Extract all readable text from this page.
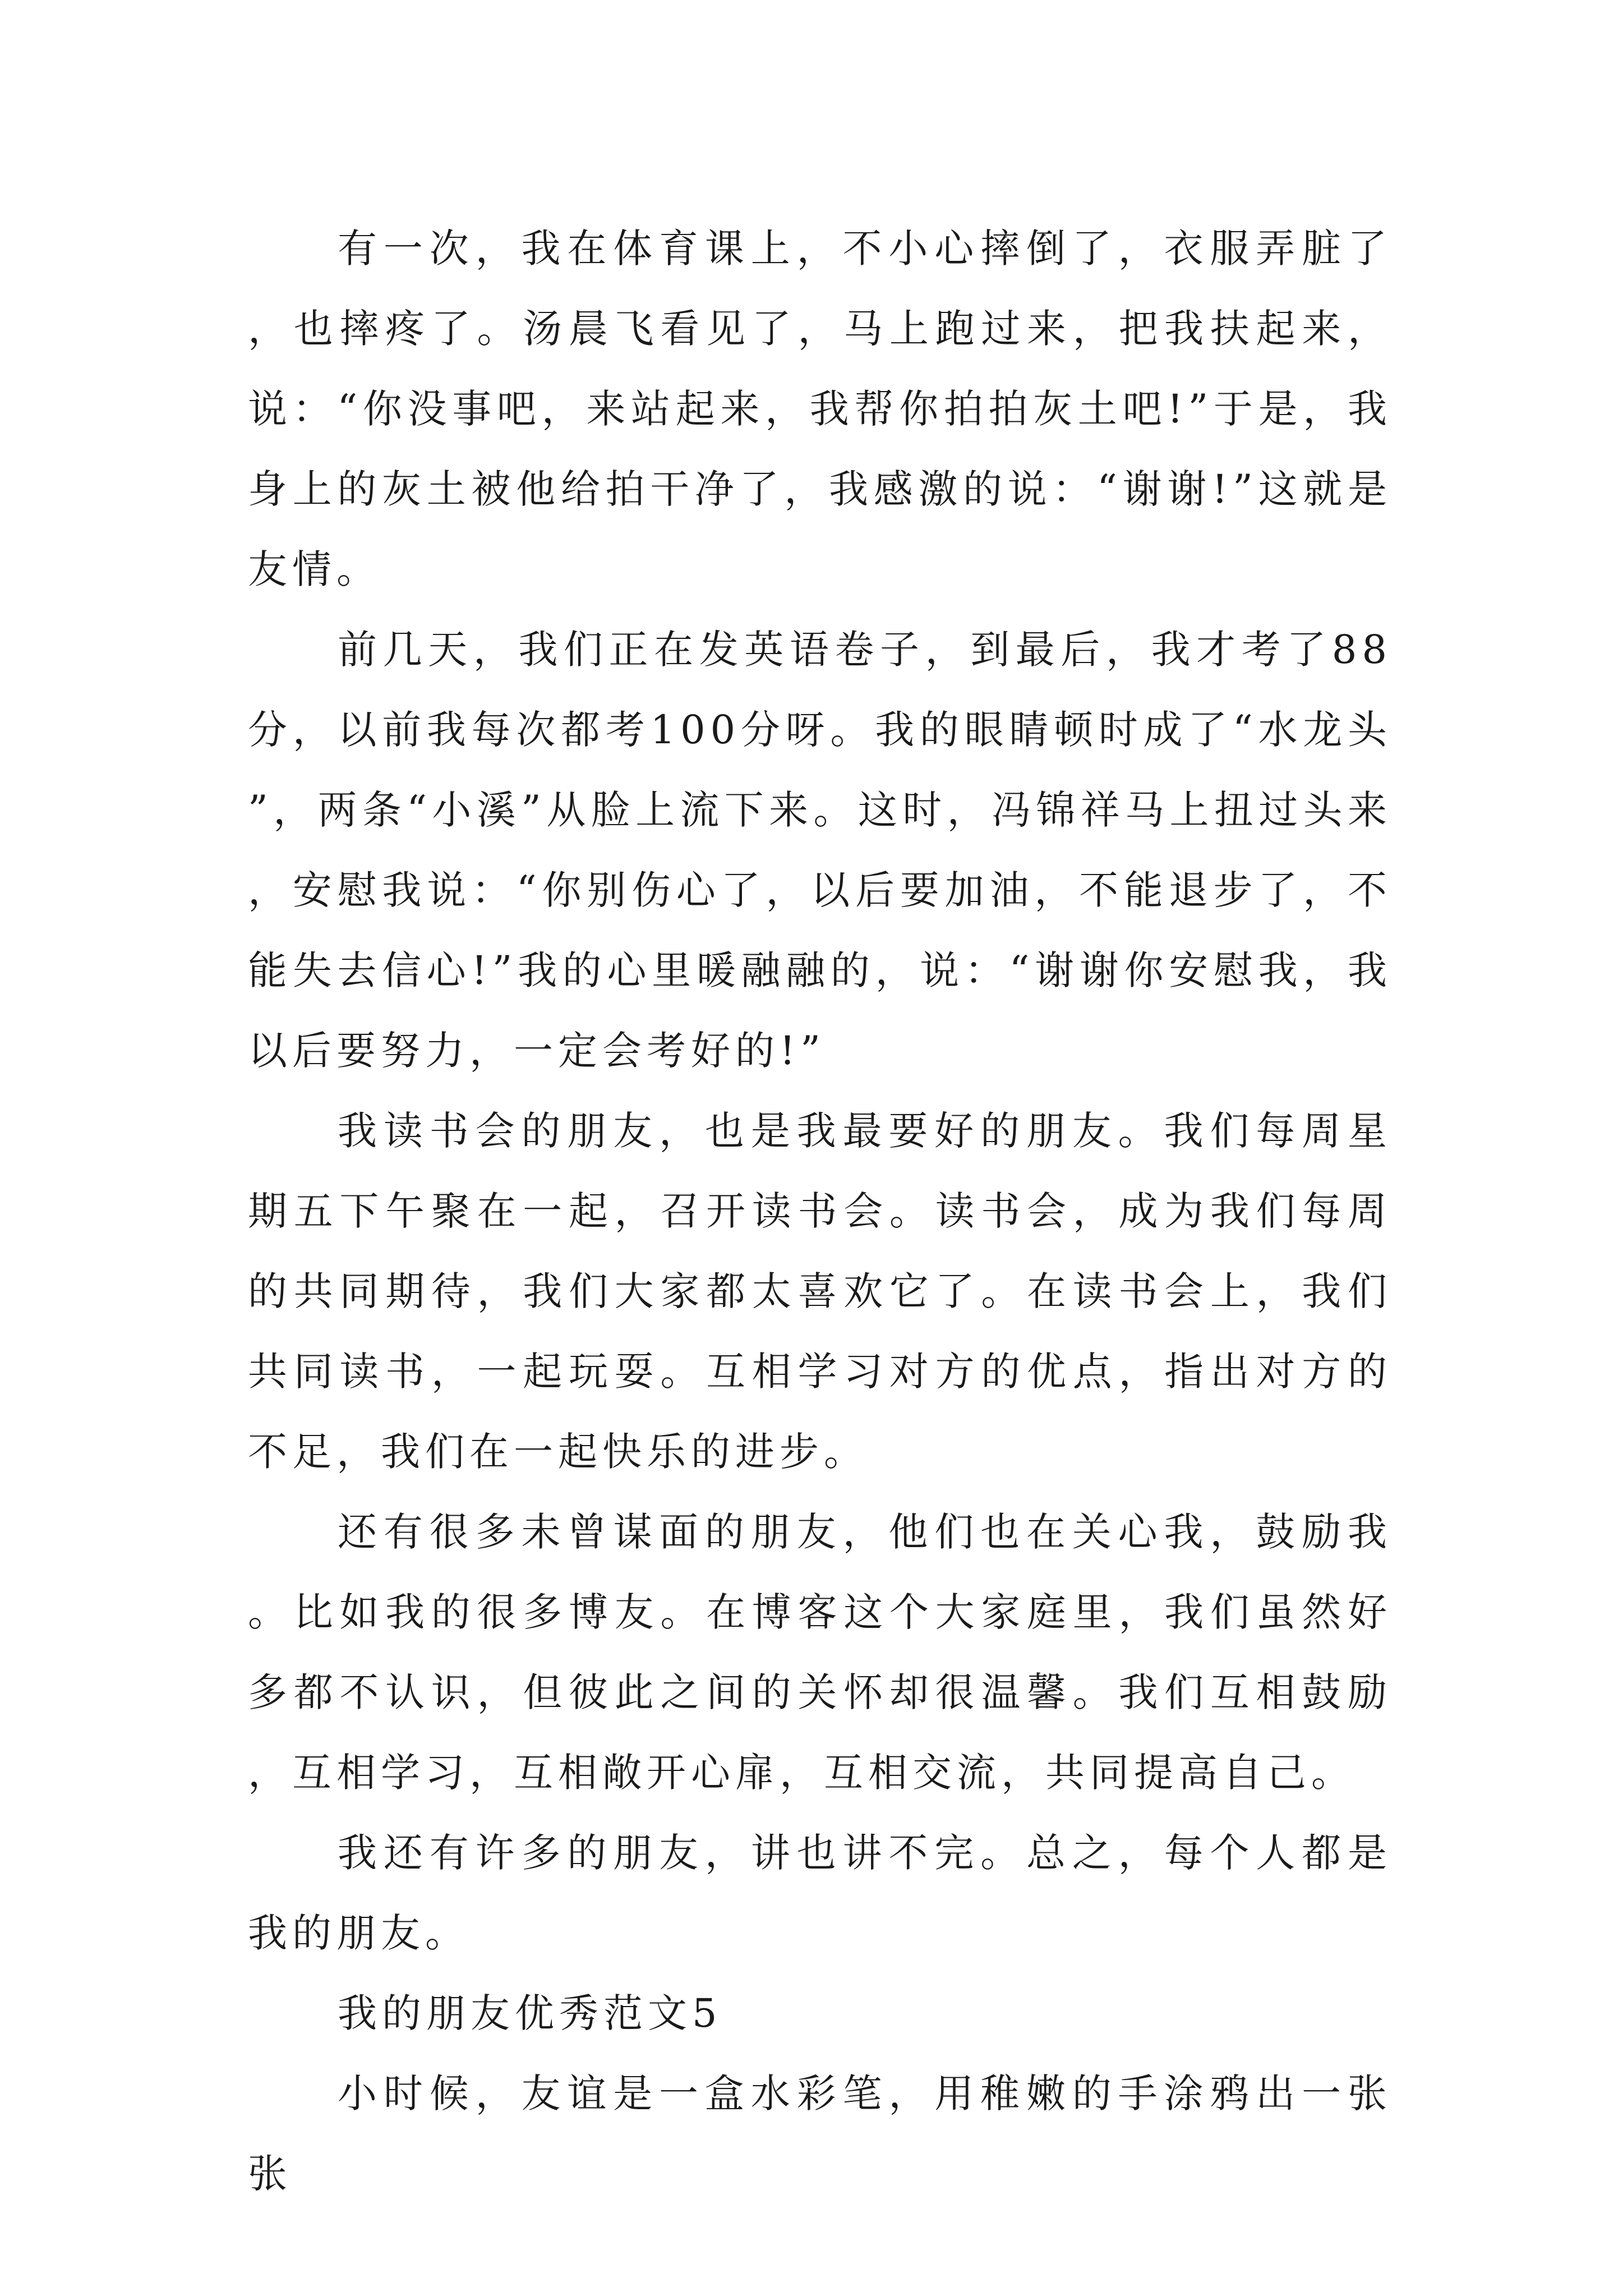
有一次，我在体育课上，不小心摔倒了，衣服弄脏了，也摔疼了。汤晨飞看见了，马上跑过来，把我扶起来，说：“你没事吧，来站起来，我帮你拍拍灰土吧!”于是，我身上的灰土被他给拍干净了，我感激的说：“谢谢!”这就是友情。

前几天，我们正在发英语卷子，到最后，我才考了88分，以前我每次都考100分呀。我的眼睛顿时成了“水龙头”，两条“小溪”从脸上流下来。这时，冯锦祥马上扭过头来，安慰我说：“你别伤心了，以后要加油，不能退步了，不能失去信心!”我的心里暖融融的，说：“谢谢你安慰我，我以后要努力，一定会考好的!”

我读书会的朋友，也是我最要好的朋友。我们每周星期五下午聚在一起，召开读书会。读书会，成为我们每周的共同期待，我们大家都太喜欢它了。在读书会上，我们共同读书，一起玩耍。互相学习对方的优点，指出对方的不足，我们在一起快乐的进步。

还有很多未曾谋面的朋友，他们也在关心我，鼓励我。比如我的很多博友。在博客这个大家庭里，我们虽然好多都不认识，但彼此之间的关怀却很温馨。我们互相鼓励，互相学习，互相敞开心扉，互相交流，共同提高自己。

我还有许多的朋友，讲也讲不完。总之，每个人都是我的朋友。

我的朋友优秀范文5

小时候，友谊是一盒水彩笔，用稚嫩的手涂鸦出一张张
